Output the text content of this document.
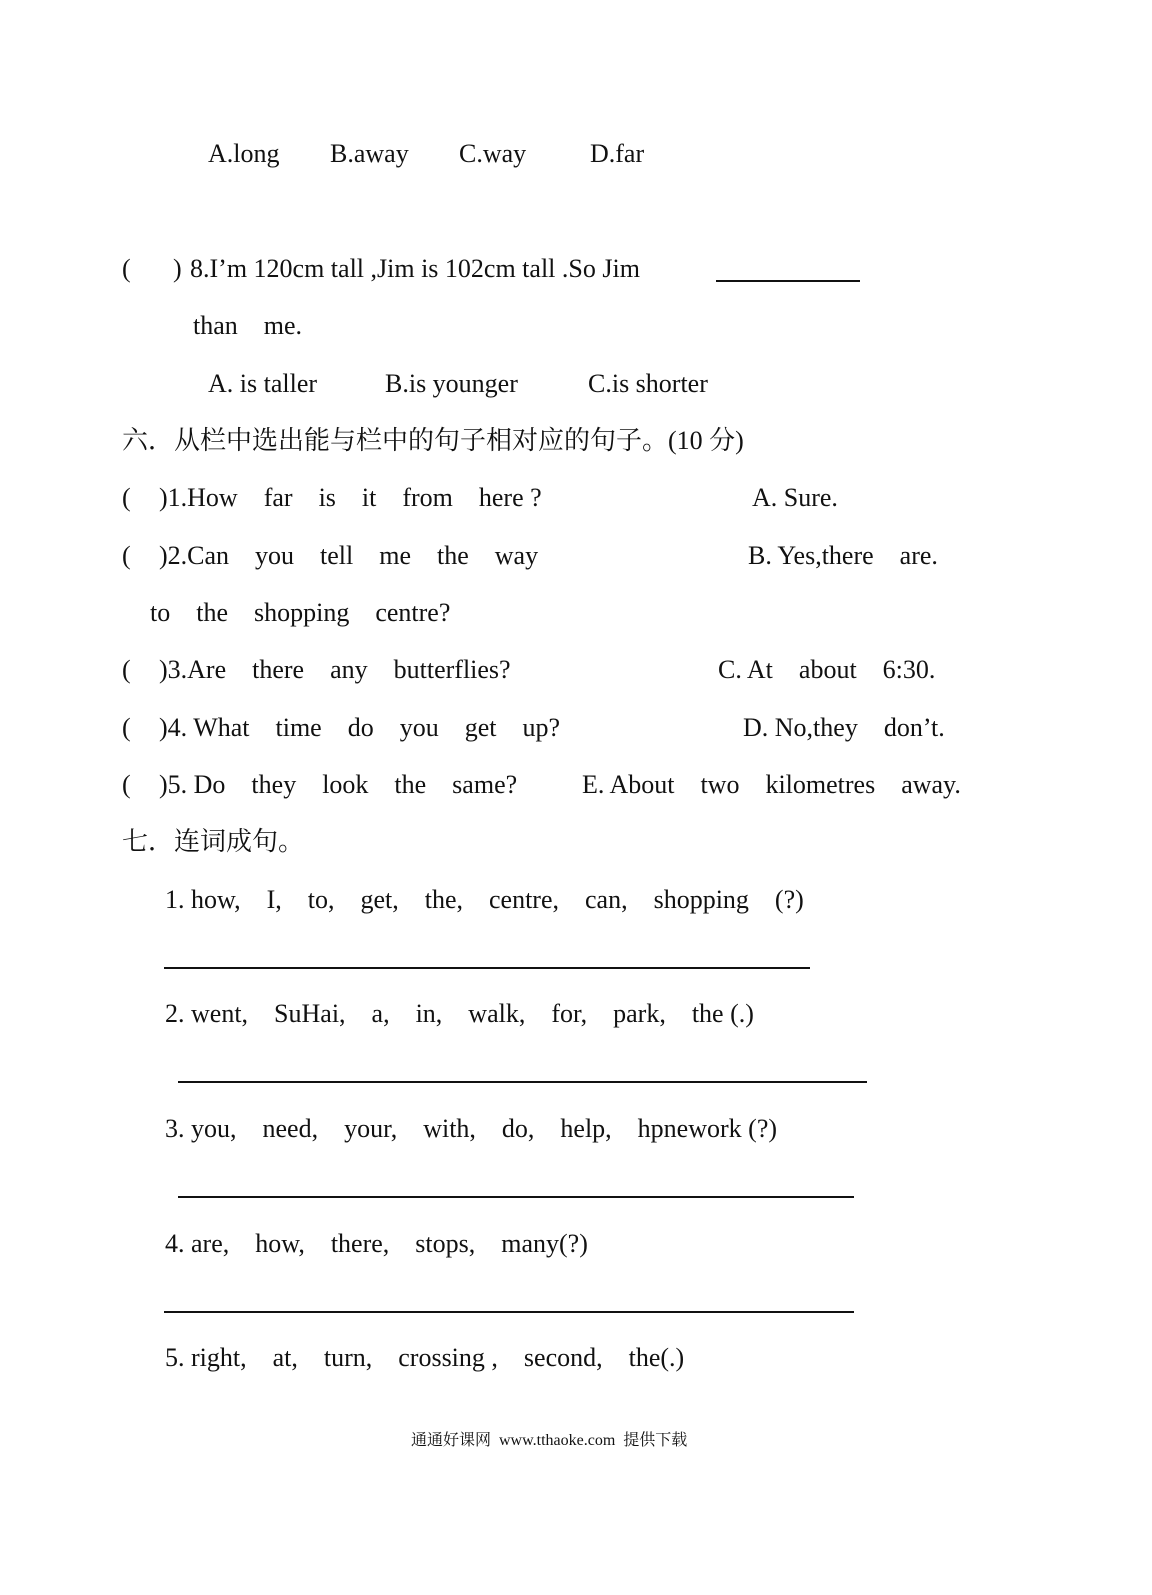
A.long B.away C.way D.far
( ) 8.I’m 120cm tall ,Jim is 102cm tall .So Jim
than    me.
A. is taller	B.is younger	C.is shorter
六．从栏中选出能与栏中的句子相对应的句子。(10 分)
( )1.How    far    is    it    from    here ?	A. Sure.
( )2.Can    you    tell    me    the    way	B. Yes,there    are.
to    the    shopping    centre?
( )3.Are    there    any    butterflies?	C. At    about    6:30.
( )4. What    time    do    you    get    up?	D. No,they    don’t.
( )5. Do    they    look    the    same? E. About    two    kilometres    away.
七．连词成句。
1. how,    I,    to,    get,    the,    centre,    can,    shopping    (?)
2. went,    SuHai,    a,    in,    walk,    for,    park,    the (.)
3. you,    need,    your,    with,    do,    help,    hpnework (?)
4. are,    how,    there,    stops,    many(?)
5. right,    at,    turn,    crossing ,    second,    the(.)
通通好课网  www.tthaoke.com  提供下载
